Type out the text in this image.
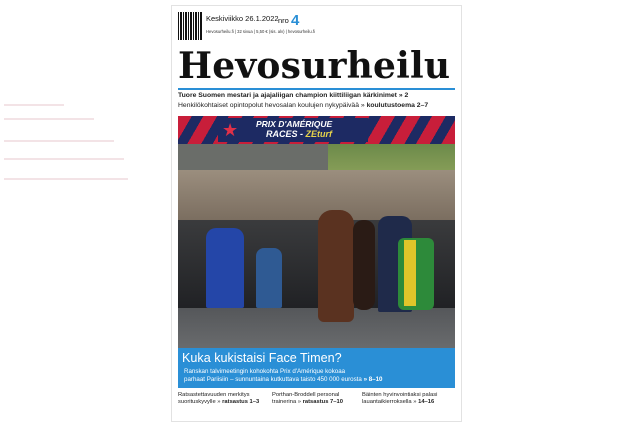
Keskiviikko 26.1.2022 nro 4
Hevosurheilu.fi | 32 sivua | 5,50 € (sis. alv) | hevosurheilu.fi
Hevosurheilu
Tuore Suomen mestari ja ajajaliigan champion kiittiliigan kärkinimet » 2
Henkilökohtaiset opintopolut hevosalan koulujen nykypäivää » koulutustoema 2–7
★ PRIX D'AMÉRIQUE
RACES - ZEturf
Kuka kukistaisi Face Timen?
Ranskan talvimeetingin kohokohta Prix d'Amérique kokoaa
parhaat Pariisiin – sunnuntaina kutkuttava taisto 450 000 eurosta » 8–10
Ratsastettavuuden merkitys
suorituskyvylle » ratsastus 1–3
Porthan-Broddell personal
trainerina » ratsastus 7–10
Bäinten hyvinvointiaksi palasi
lauantaikierroksella » 14–16
